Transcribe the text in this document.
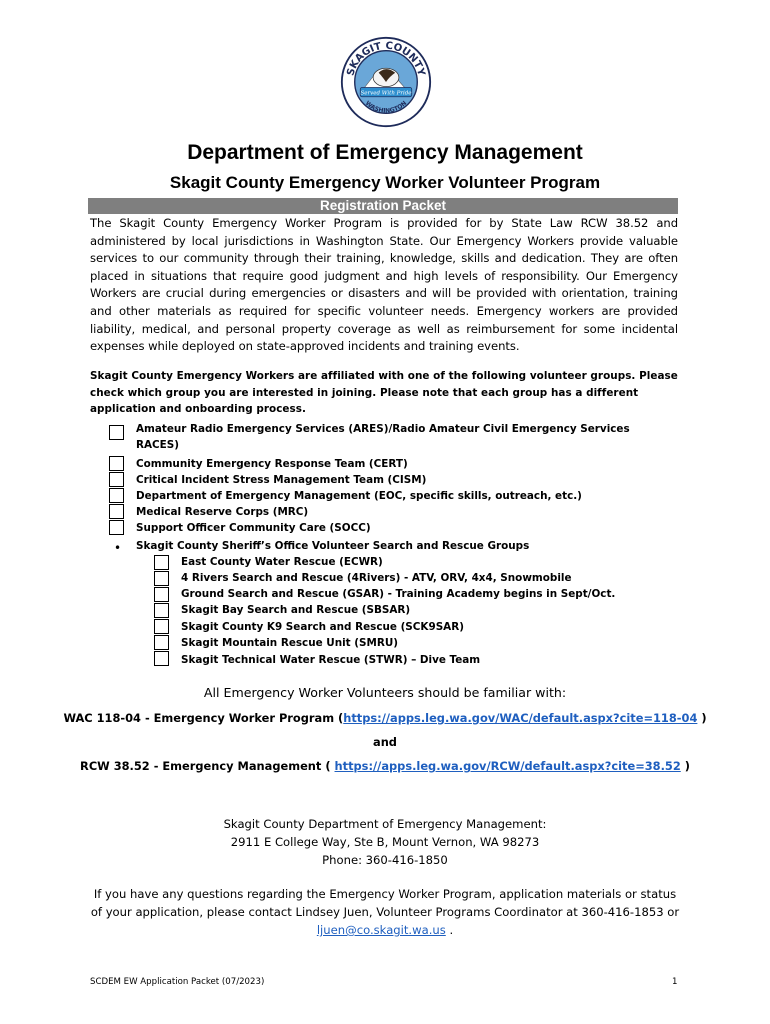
Served With Pride
SKAGIT COUNTY
WASHINGTON
Department of Emergency Management
Skagit County Emergency Worker Volunteer Program
Registration Packet

The Skagit County Emergency Worker Program is provided for by State Law RCW 38.52 and administered by local jurisdictions in Washington State. Our Emergency Workers provide valuable services to our community through their training, knowledge, skills and dedication. They are often placed in situations that require good judgment and high levels of responsibility. Our Emergency Workers are crucial during emergencies or disasters and will be provided with orientation, training and other materials as required for specific volunteer needs. Emergency workers are provided liability, medical, and personal property coverage as well as reimbursement for some incidental expenses while deployed on state-approved incidents and training events.

Skagit County Emergency Workers are affiliated with one of the following volunteer groups. Please check which group you are interested in joining. Please note that each group has a different application and onboarding process.

Amateur Radio Emergency Services (ARES)/Radio Amateur Civil Emergency Services RACES)
Community Emergency Response Team (CERT)
Critical Incident Stress Management Team (CISM)
Department of Emergency Management (EOC, specific skills, outreach, etc.)
Medical Reserve Corps (MRC)
Support Officer Community Care (SOCC)
• Skagit County Sheriff’s Office Volunteer Search and Rescue Groups
East County Water Rescue (ECWR)
4 Rivers Search and Rescue (4Rivers) - ATV, ORV, 4x4, Snowmobile
Ground Search and Rescue (GSAR) - Training Academy begins in Sept/Oct.
Skagit Bay Search and Rescue (SBSAR)
Skagit County K9 Search and Rescue (SCK9SAR)
Skagit Mountain Rescue Unit (SMRU)
Skagit Technical Water Rescue (STWR) – Dive Team
All Emergency Worker Volunteers should be familiar with:
WAC 118-04 - Emergency Worker Program (https://apps.leg.wa.gov/WAC/default.aspx?cite=118-04 )
and
RCW 38.52 - Emergency Management ( https://apps.leg.wa.gov/RCW/default.aspx?cite=38.52 )
Skagit County Department of Emergency Management:
2911 E College Way, Ste B, Mount Vernon, WA 98273
Phone: 360-416-1850

If you have any questions regarding the Emergency Worker Program, application materials or status of your application, please contact Lindsey Juen, Volunteer Programs Coordinator at 360-416-1853 or ljuen@co.skagit.wa.us .

SCDEM EW Application Packet (07/2023)	1
